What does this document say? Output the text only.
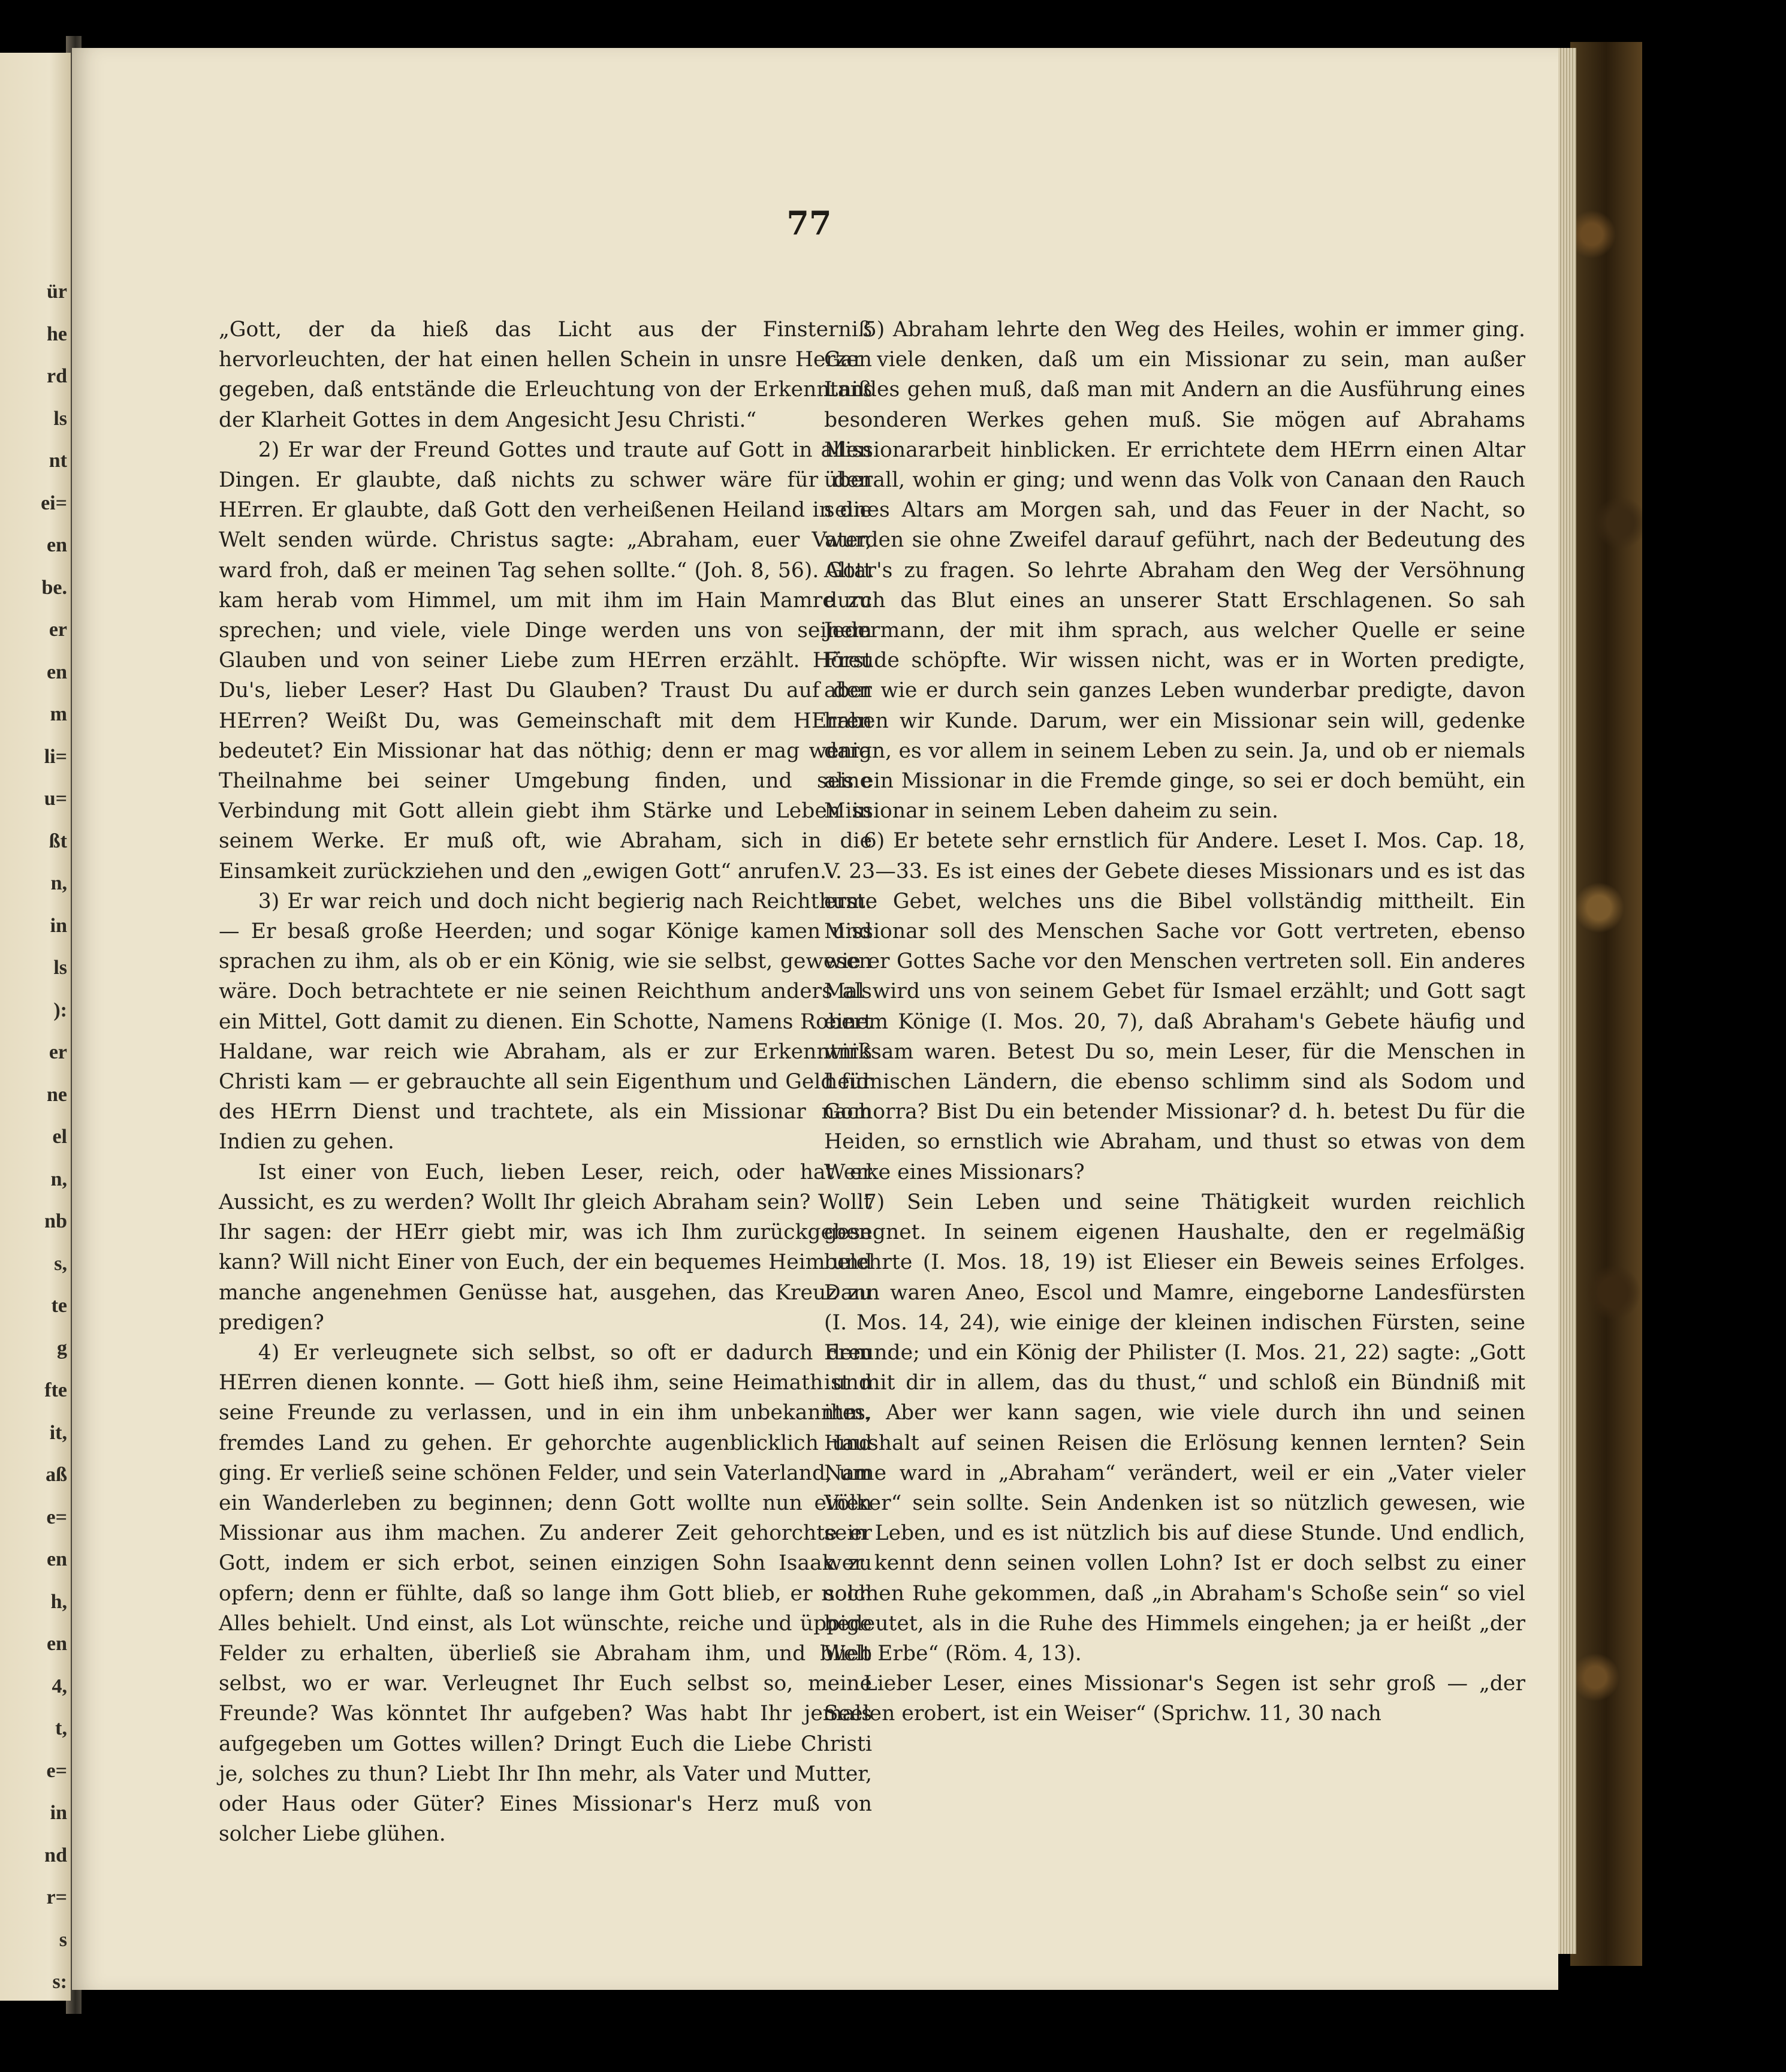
ür
he
rd
ls
nt
ei=
en
be.
er
en
m
li=
u=
ßt
n,
in
ls
):
er
ne
el
n,
nb
s,
te
g
fte
it,
aß
e=
en
h,
en
4,
t,
e=
in
nd
r=
s
s:
77

„Gott, der da hieß das Licht aus der Finsterniß hervorleuchten, der hat einen hellen Schein in unsre Herzen gegeben, daß entstände die Erleuchtung von der Erkenntniß der Klarheit Gottes in dem Angesicht Jesu Christi.“

2) Er war der Freund Gottes und traute auf Gott in allen Dingen. Er glaubte, daß nichts zu schwer wäre für den HErren. Er glaubte, daß Gott den verheißenen Heiland in die Welt senden würde. Christus sagte: „Abraham, euer Vater, ward froh, daß er meinen Tag sehen sollte.“ (Joh. 8, 56). Gott kam herab vom Himmel, um mit ihm im Hain Mamre zu sprechen; und viele, viele Dinge werden uns von seinem Glauben und von seiner Liebe zum HErren erzählt. Hörst Du's, lieber Leser? Hast Du Glauben? Traust Du auf den HErren? Weißt Du, was Gemeinschaft mit dem HErren bedeutet? Ein Missionar hat das nöthig; denn er mag wenig Theilnahme bei seiner Umgebung finden, und seine Verbindung mit Gott allein giebt ihm Stärke und Leben in seinem Werke. Er muß oft, wie Abraham, sich in die Einsamkeit zurückziehen und den „ewigen Gott“ anrufen.

3) Er war reich und doch nicht begierig nach Reichthum. — Er besaß große Heerden; und sogar Könige kamen und sprachen zu ihm, als ob er ein König, wie sie selbst, gewesen wäre. Doch betrachtete er nie seinen Reichthum anders als ein Mittel, Gott damit zu dienen. Ein Schotte, Namens Robert Haldane, war reich wie Abraham, als er zur Erkenntniß Christi kam — er gebrauchte all sein Eigenthum und Geld für des HErrn Dienst und trachtete, als ein Missionar nach Indien zu gehen.

Ist einer von Euch, lieben Leser, reich, oder hat er Aussicht, es zu werden? Wollt Ihr gleich Abraham sein? Wollt Ihr sagen: der HErr giebt mir, was ich Ihm zurückgeben kann? Will nicht Einer von Euch, der ein bequemes Heim und manche angenehmen Genüsse hat, ausgehen, das Kreuz zu predigen?

4) Er verleugnete sich selbst, so oft er dadurch dem HErren dienen konnte. — Gott hieß ihm, seine Heimath und seine Freunde zu verlassen, und in ein ihm unbekanntes, fremdes Land zu gehen. Er gehorchte augenblicklich und ging. Er verließ seine schönen Felder, und sein Vaterland, um ein Wanderleben zu beginnen; denn Gott wollte nun einen Missionar aus ihm machen. Zu anderer Zeit gehorchte er Gott, indem er sich erbot, seinen einzigen Sohn Isaak zu opfern; denn er fühlte, daß so lange ihm Gott blieb, er noch Alles behielt. Und einst, als Lot wünschte, reiche und üppige Felder zu erhalten, überließ sie Abraham ihm, und blieb selbst, wo er war. Verleugnet Ihr Euch selbst so, meine Freunde? Was könntet Ihr aufgeben? Was habt Ihr jemals aufgegeben um Gottes willen? Dringt Euch die Liebe Christi je, solches zu thun? Liebt Ihr Ihn mehr, als Vater und Mutter, oder Haus oder Güter? Eines Missionar's Herz muß von solcher Liebe glühen.

5) Abraham lehrte den Weg des Heiles, wohin er immer ging. Gar viele denken, daß um ein Missionar zu sein, man außer Landes gehen muß, daß man mit Andern an die Ausführung eines besonderen Werkes gehen muß. Sie mögen auf Abrahams Missionararbeit hinblicken. Er errichtete dem HErrn einen Altar überall, wohin er ging; und wenn das Volk von Canaan den Rauch seines Altars am Morgen sah, und das Feuer in der Nacht, so wurden sie ohne Zweifel darauf geführt, nach der Bedeutung des Altar's zu fragen. So lehrte Abraham den Weg der Versöhnung durch das Blut eines an unserer Statt Erschlagenen. So sah Jedermann, der mit ihm sprach, aus welcher Quelle er seine Freude schöpfte. Wir wissen nicht, was er in Worten predigte, aber wie er durch sein ganzes Leben wunderbar predigte, davon haben wir Kunde. Darum, wer ein Missionar sein will, gedenke daran, es vor allem in seinem Leben zu sein. Ja, und ob er niemals als ein Missionar in die Fremde ginge, so sei er doch bemüht, ein Missionar in seinem Leben daheim zu sein.

6) Er betete sehr ernstlich für Andere. Leset I. Mos. Cap. 18, V. 23—33. Es ist eines der Gebete dieses Missionars und es ist das erste Gebet, welches uns die Bibel vollständig mittheilt. Ein Missionar soll des Menschen Sache vor Gott vertreten, ebenso wie er Gottes Sache vor den Menschen vertreten soll. Ein anderes Mal wird uns von seinem Gebet für Ismael erzählt; und Gott sagt einem Könige (I. Mos. 20, 7), daß Abraham's Gebete häufig und wirksam waren. Betest Du so, mein Leser, für die Menschen in heidnischen Ländern, die ebenso schlimm sind als Sodom und Gomorra? Bist Du ein betender Missionar? d. h. betest Du für die Heiden, so ernstlich wie Abraham, und thust so etwas von dem Werke eines Missionars?

7) Sein Leben und seine Thätigkeit wurden reichlich gesegnet. In seinem eigenen Haushalte, den er regelmäßig belehrte (I. Mos. 18, 19) ist Elieser ein Beweis seines Erfolges. Dann waren Aneo, Escol und Mamre, eingeborne Landesfürsten (I. Mos. 14, 24), wie einige der kleinen indischen Fürsten, seine Freunde; und ein König der Philister (I. Mos. 21, 22) sagte: „Gott ist mit dir in allem, das du thust,“ und schloß ein Bündniß mit ihm. Aber wer kann sagen, wie viele durch ihn und seinen Haushalt auf seinen Reisen die Erlösung kennen lernten? Sein Name ward in „Abraham“ verändert, weil er ein „Vater vieler Völker“ sein sollte. Sein Andenken ist so nützlich gewesen, wie sein Leben, und es ist nützlich bis auf diese Stunde. Und endlich, wer kennt denn seinen vollen Lohn? Ist er doch selbst zu einer solchen Ruhe gekommen, daß „in Abraham's Schoße sein“ so viel bedeutet, als in die Ruhe des Himmels eingehen; ja er heißt „der Welt Erbe“ (Röm. 4, 13).

Lieber Leser, eines Missionar's Segen ist sehr groß — „der Seelen erobert, ist ein Weiser“ (Sprichw. 11, 30 nach
